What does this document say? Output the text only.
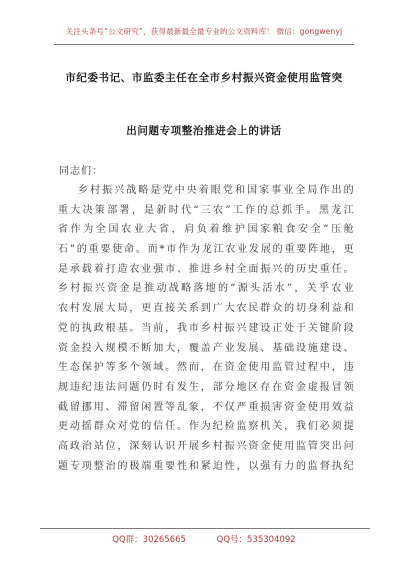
关注头条号“公文研究”，获得最新最全最专业的公文资料库！ 微信：gongwenyj
市纪委书记、市监委主任在全市乡村振兴资金使用监管突
出问题专项整治推进会上的讲话
同志们：
乡村振兴战略是党中央着眼党和国家事业全局作出的
重大决策部署，是新时代“三农”工作的总抓手。黑龙江
省作为全国农业大省，肩负着维护国家粮食安全“压舱
石”的重要使命。而*市作为龙江农业发展的重要阵地，更
是承载着打造农业强市、推进乡村全面振兴的历史重任。
乡村振兴资金是推动战略落地的“源头活水”，关乎农业
农村发展大局，更直接关系到广大农民群众的切身利益和
党的执政根基。当前，我市乡村振兴建设正处于关键阶段
资金投入规模不断加大，覆盖产业发展、基础设施建设、
生态保护等多个领域。然而，在资金使用监管过程中，违
规违纪违法问题仍时有发生，部分地区存在资金虚报冒领
截留挪用、滞留闲置等乱象，不仅严重损害资金使用效益
更动摇群众对党的信任。作为纪检监察机关，我们必须提
高政治站位，深刻认识开展乡村振兴资金使用监管突出问
题专项整治的极端重要性和紧迫性，以强有力的监督执纪
QQ群：30265665	QQ号：535304092
